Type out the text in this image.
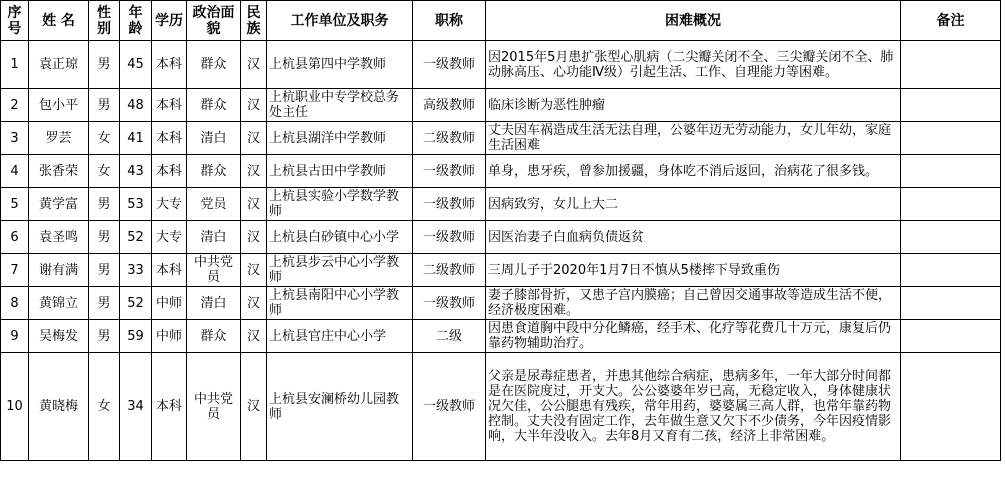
序号	姓 名	性别	年龄	学历	政治面貌	民族	工作单位及职务	职称	困难概况	备注
1	袁正琼	男	45	本科	群众	汉	上杭县第四中学教师	一级教师	因2015年5月患扩张型心肌病（二尖瓣关闭不全、三尖瓣关闭不全、肺动脉高压、心功能Ⅳ级）引起生活、工作、自理能力等困难。	
2	包小平	男	48	本科	群众	汉	上杭职业中专学校总务处主任	高级教师	临床诊断为恶性肿瘤	
3	罗芸	女	41	本科	清白	汉	上杭县湖洋中学教师	二级教师	丈夫因车祸造成生活无法自理，公婆年迈无劳动能力，女儿年幼，家庭生活困难	
4	张香荣	女	43	本科	群众	汉	上杭县古田中学教师	一级教师	单身，患牙疾，曾参加援疆，身体吃不消后返回，治病花了很多钱。	
5	黄学富	男	53	大专	党员	汉	上杭县实验小学数学教师	一级教师	因病致穷，女儿上大二	
6	袁圣鸣	男	52	大专	清白	汉	上杭县白砂镇中心小学	一级教师	因医治妻子白血病负债返贫	
7	谢有满	男	33	本科	中共党员	汉	上杭县步云中心小学教师	二级教师	三周儿子于2020年1月7日不慎从5楼摔下导致重伤	
8	黄锦立	男	52	中师	清白	汉	上杭县南阳中心小学教师	一级教师	妻子膝部骨折，又患子宫内膜癌；自己曾因交通事故等造成生活不便，经济极度困难。	
9	吴梅发	男	59	中师	群众	汉	上杭县官庄中心小学	二级	因患食道胸中段中分化鳞癌，经手术、化疗等花费几十万元，康复后仍靠药物辅助治疗。	
10	黄晓梅	女	34	本科	中共党员	汉	上杭县安澜桥幼儿园教师	一级教师	父亲是尿毒症患者，并患其他综合病症，患病多年，一年大部分时间都是在医院度过，开支大。公公婆婆年岁已高，无稳定收入，身体健康状况欠佳，公公腿患有残疾，常年用药，婆婆属三高人群，也常年靠药物控制。丈夫没有固定工作，去年做生意又欠下不少债务，今年因疫情影响，大半年没收入。去年8月又育有二孩，经济上非常困难。	
